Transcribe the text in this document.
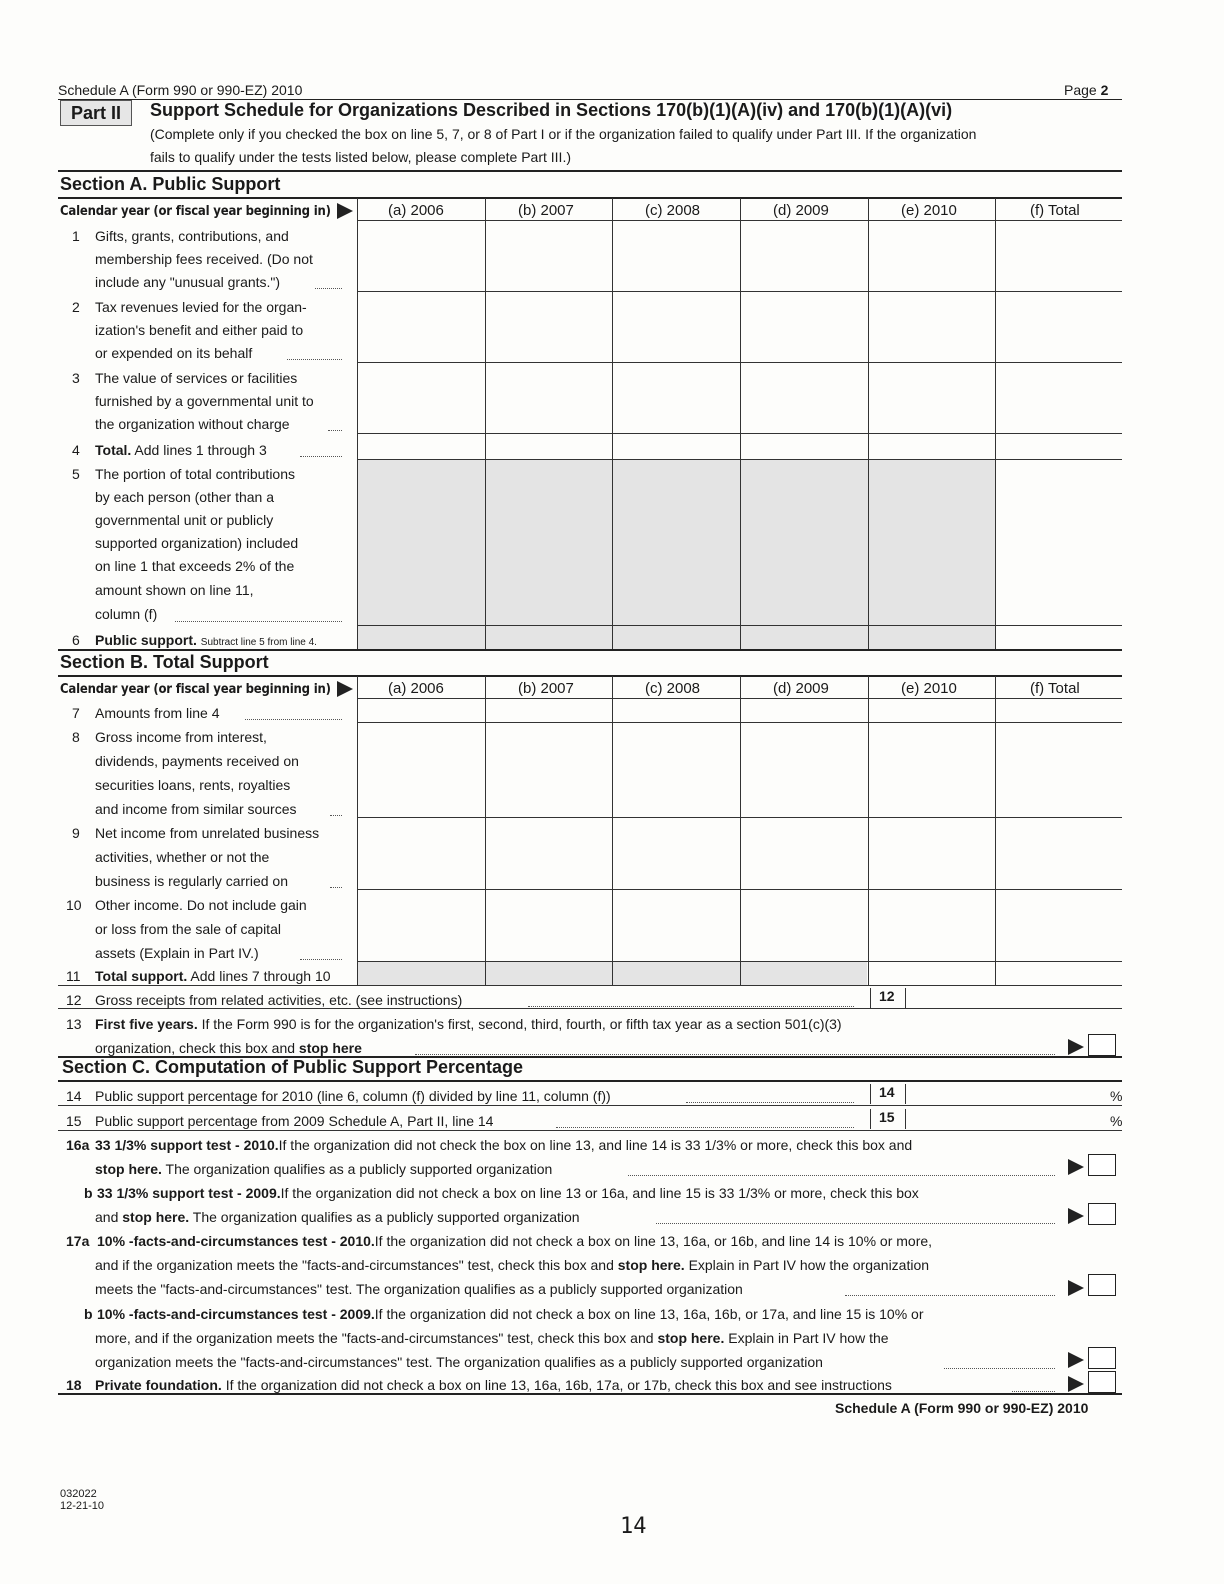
Schedule A (Form 990 or 990-EZ) 2010	Page 2
Part II	Support Schedule for Organizations Described in Sections 170(b)(1)(A)(iv) and 170(b)(1)(A)(vi)
(Complete only if you checked the box on line 5, 7, or 8 of Part I or if the organization failed to qualify under Part III. If the organization
fails to qualify under the tests listed below, please complete Part III.)
Section A. Public Support
Calendar year (or fiscal year beginning in)	(a) 2006	(b) 2007	(c) 2008	(d) 2009	(e) 2010	(f) Total
1 Gifts, grants, contributions, and
membership fees received. (Do not
include any "unusual grants.")
2 Tax revenues levied for the organ-
ization's benefit and either paid to
or expended on its behalf
3 The value of services or facilities
furnished by a governmental unit to
the organization without charge
4 Total. Add lines 1 through 3
5 The portion of total contributions
by each person (other than a
governmental unit or publicly
supported organization) included
on line 1 that exceeds 2% of the
amount shown on line 11,
column (f)
6 Public support. Subtract line 5 from line 4.
Section B. Total Support
Calendar year (or fiscal year beginning in)	(a) 2006	(b) 2007	(c) 2008	(d) 2009	(e) 2010	(f) Total
7 Amounts from line 4
8 Gross income from interest,
dividends, payments received on
securities loans, rents, royalties
and income from similar sources
9 Net income from unrelated business
activities, whether or not the
business is regularly carried on
10 Other income. Do not include gain
or loss from the sale of capital
assets (Explain in Part IV.)
11 Total support. Add lines 7 through 10
12 Gross receipts from related activities, etc. (see instructions)	12
13 First five years. If the Form 990 is for the organization's first, second, third, fourth, or fifth tax year as a section 501(c)(3)
organization, check this box and stop here
Section C. Computation of Public Support Percentage
14 Public support percentage for 2010 (line 6, column (f) divided by line 11, column (f))	14	%
15 Public support percentage from 2009 Schedule A, Part II, line 14	15	%
16a 33 1/3% support test - 2010.If the organization did not check the box on line 13, and line 14 is 33 1/3% or more, check this box and
stop here. The organization qualifies as a publicly supported organization
b 33 1/3% support test - 2009.If the organization did not check a box on line 13 or 16a, and line 15 is 33 1/3% or more, check this box
and stop here. The organization qualifies as a publicly supported organization
17a 10% -facts-and-circumstances test - 2010.If the organization did not check a box on line 13, 16a, or 16b, and line 14 is 10% or more,
and if the organization meets the "facts-and-circumstances" test, check this box and stop here. Explain in Part IV how the organization
meets the "facts-and-circumstances" test. The organization qualifies as a publicly supported organization
b 10% -facts-and-circumstances test - 2009.If the organization did not check a box on line 13, 16a, 16b, or 17a, and line 15 is 10% or
more, and if the organization meets the "facts-and-circumstances" test, check this box and stop here. Explain in Part IV how the
organization meets the "facts-and-circumstances" test. The organization qualifies as a publicly supported organization
18 Private foundation. If the organization did not check a box on line 13, 16a, 16b, 17a, or 17b, check this box and see instructions
Schedule A (Form 990 or 990-EZ) 2010
032022
12-21-10
14
